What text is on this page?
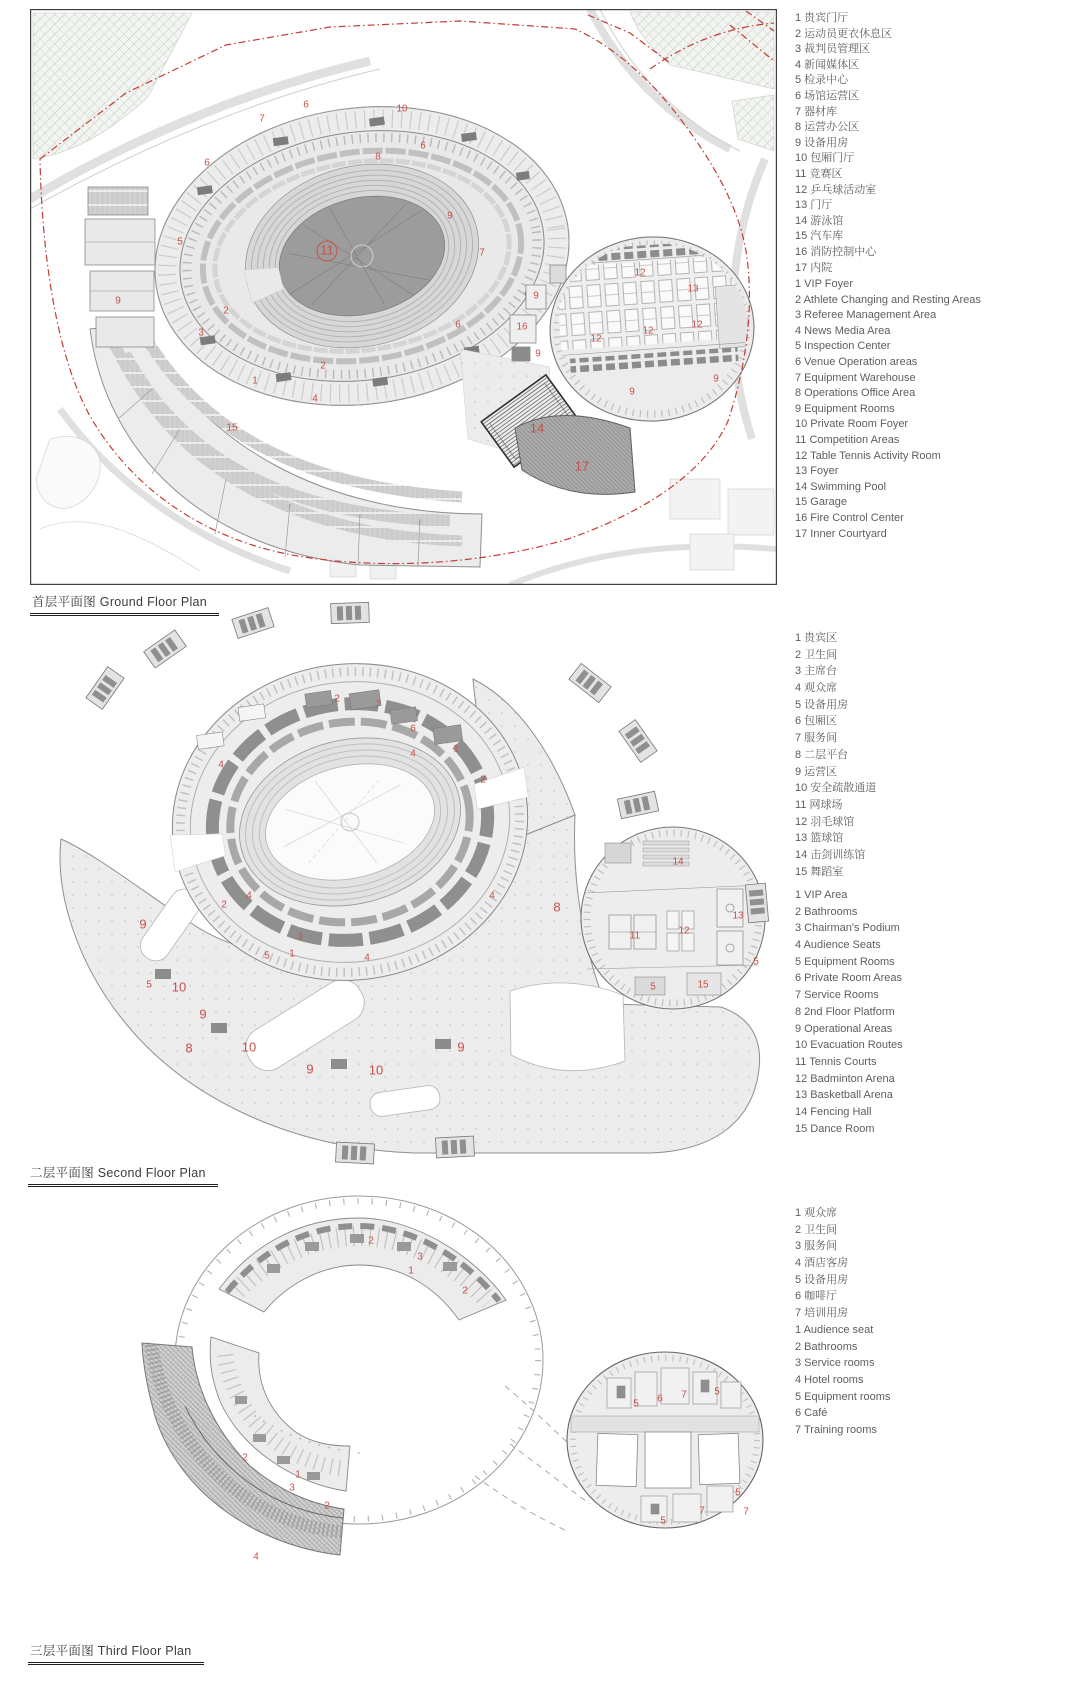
6	10
7
8
6
6
9
5
11	7
12
13
9
2
16
6
12
12
12
3
2
1
4
9
9
9
14
17
15
9
首层平面图 Ground Floor Plan
1 贵宾门厅
2 运动员更衣休息区
3 裁判员管理区
4 新闻媒体区
5 检录中心
6 场馆运营区
7 器材库
8 运营办公区
9 设备用房
10 包厢门厅
11 竞赛区
12 乒乓球活动室
13 门厅
14 游泳馆
15 汽车库
16 消防控制中心
17 内院
1 VIP Foyer
2 Athlete Changing and Resting Areas
3 Referee Management Area
4 News Media Area
5 Inspection Center
6 Venue Operation areas
7 Equipment Warehouse
8 Operations Office Area
9 Equipment Rooms
10 Private Room Foyer
11 Competition Areas
12 Table Tennis Activity Room
13 Foyer
14 Swimming Pool
15 Garage
16 Fire Control Center
17 Inner Courtyard
2
7
6
1
4
4
2
14
8
13
12
11
15
5
5
4
4
2
3
1
5	4
9
5 10
9
8	10
9	10
9
二层平面图 Second Floor Plan
1 贵宾区
2 卫生间
3 主席台
4 观众席
5 设备用房
6 包厢区
7 服务间
8 二层平台
9 运营区
10 安全疏散通道
11 网球场
12 羽毛球馆
13 篮球馆
14 击剑训练馆
15 舞蹈室
1 VIP Area
2 Bathrooms
3 Chairman's Podium
4 Audience Seats
5 Equipment Rooms
6 Private Room Areas
7 Service Rooms
8 2nd Floor Platform
9 Operational Areas
10 Evacuation Routes
11 Tennis Courts
12 Badminton Arena
13 Basketball Arena
14 Fencing Hall
15 Dance Room
2
3
1
2
2
1
3
2
4
5 6 7	5
5
7
5
7
三层平面图 Third Floor Plan
1 观众席
2 卫生间
3 服务间
4 酒店客房
5 设备用房
6 咖啡厅
7 培训用房
1 Audience seat
2 Bathrooms
3 Service rooms
4 Hotel rooms
5 Equipment rooms
6 Café
7 Training rooms
